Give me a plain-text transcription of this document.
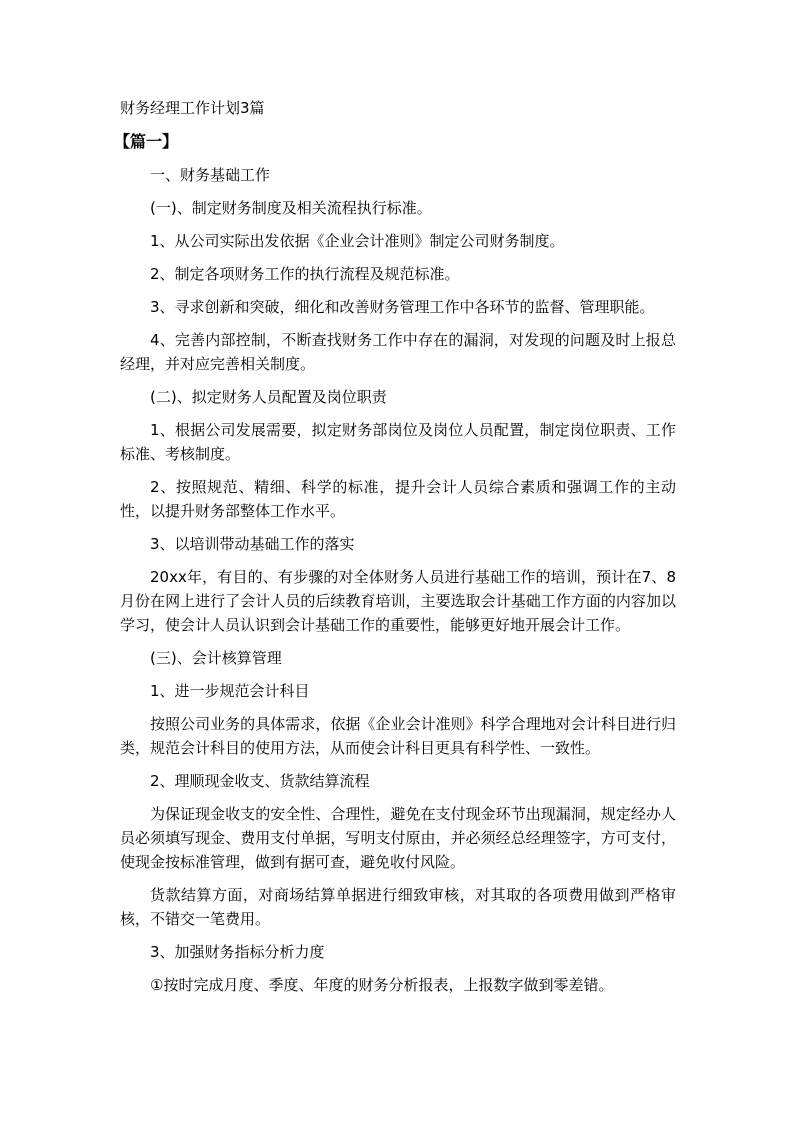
财务经理工作计划3篇
【篇一】

一、财务基础工作

(一)、制定财务制度及相关流程执行标准。

1、从公司实际出发依据《企业会计准则》制定公司财务制度。

2、制定各项财务工作的执行流程及规范标准。

3、寻求创新和突破，细化和改善财务管理工作中各环节的监督、管理职能。

4、完善内部控制，不断查找财务工作中存在的漏洞，对发现的问题及时上报总经理，并对应完善相关制度。

(二)、拟定财务人员配置及岗位职责

1、根据公司发展需要，拟定财务部岗位及岗位人员配置，制定岗位职责、工作标准、考核制度。

2、按照规范、精细、科学的标准，提升会计人员综合素质和强调工作的主动性，以提升财务部整体工作水平。

3、以培训带动基础工作的落实

20xx年，有目的、有步骤的对全体财务人员进行基础工作的培训，预计在7、8月份在网上进行了会计人员的后续教育培训，主要选取会计基础工作方面的内容加以学习，使会计人员认识到会计基础工作的重要性，能够更好地开展会计工作。

(三)、会计核算管理

1、进一步规范会计科目

按照公司业务的具体需求，依据《企业会计准则》科学合理地对会计科目进行归类，规范会计科目的使用方法，从而使会计科目更具有科学性、一致性。

2、理顺现金收支、货款结算流程

为保证现金收支的安全性、合理性，避免在支付现金环节出现漏洞，规定经办人员必须填写现金、费用支付单据，写明支付原由，并必须经总经理签字，方可支付，使现金按标准管理，做到有据可查，避免收付风险。

货款结算方面，对商场结算单据进行细致审核，对其取的各项费用做到严格审核，不错交一笔费用。

3、加强财务指标分析力度

①按时完成月度、季度、年度的财务分析报表，上报数字做到零差错。
